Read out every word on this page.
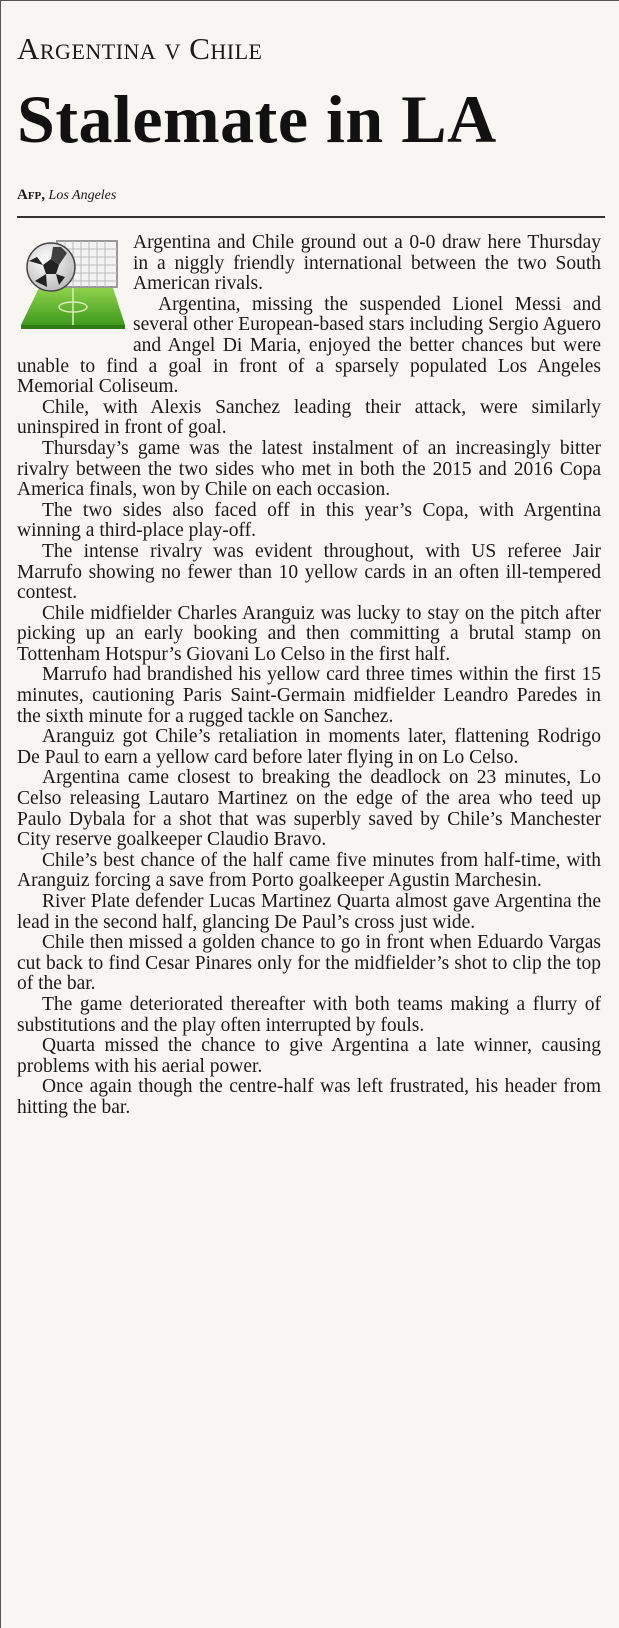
Argentina v Chile
Stalemate in LA
Afp, Los Angeles

Argentina and Chile ground out a 0-0 draw here Thursday in a niggly friendly international between the two South American rivals.

Argentina, missing the suspended Lionel Messi and several other European-based stars including Sergio Aguero and Angel Di Maria, enjoyed the better chances but were unable to find a goal in front of a sparsely populated Los Angeles Memorial Coliseum.

Chile, with Alexis Sanchez leading their attack, were similarly uninspired in front of goal.

Thursday’s game was the latest instalment of an increasingly bitter rivalry between the two sides who met in both the 2015 and 2016 Copa America finals, won by Chile on each occasion.

The two sides also faced off in this year’s Copa, with Argentina winning a third-place play-off.

The intense rivalry was evident throughout, with US referee Jair Marrufo showing no fewer than 10 yellow cards in an often ill-tempered contest.

Chile midfielder Charles Aranguiz was lucky to stay on the pitch after picking up an early booking and then committing a brutal stamp on Tottenham Hotspur’s Giovani Lo Celso in the first half.

Marrufo had brandished his yellow card three times within the first 15 minutes, cautioning Paris Saint-Germain midfielder Leandro Paredes in the sixth minute for a rugged tackle on Sanchez.

Aranguiz got Chile’s retaliation in moments later, flattening Rodrigo De Paul to earn a yellow card before later flying in on Lo Celso.

Argentina came closest to breaking the deadlock on 23 minutes, Lo Celso releasing Lautaro Martinez on the edge of the area who teed up Paulo Dybala for a shot that was superbly saved by Chile’s Manchester City reserve goalkeeper Claudio Bravo.

Chile’s best chance of the half came five minutes from half-time, with Aranguiz forcing a save from Porto goalkeeper Agustin Marchesin.

River Plate defender Lucas Martinez Quarta almost gave Argentina the lead in the second half, glancing De Paul’s cross just wide.

Chile then missed a golden chance to go in front when Eduardo Vargas cut back to find Cesar Pinares only for the midfielder’s shot to clip the top of the bar.

The game deteriorated thereafter with both teams making a flurry of substitutions and the play often interrupted by fouls.

Quarta missed the chance to give Argentina a late winner, causing problems with his aerial power.

Once again though the centre-half was left frustrated, his header from hitting the bar.
